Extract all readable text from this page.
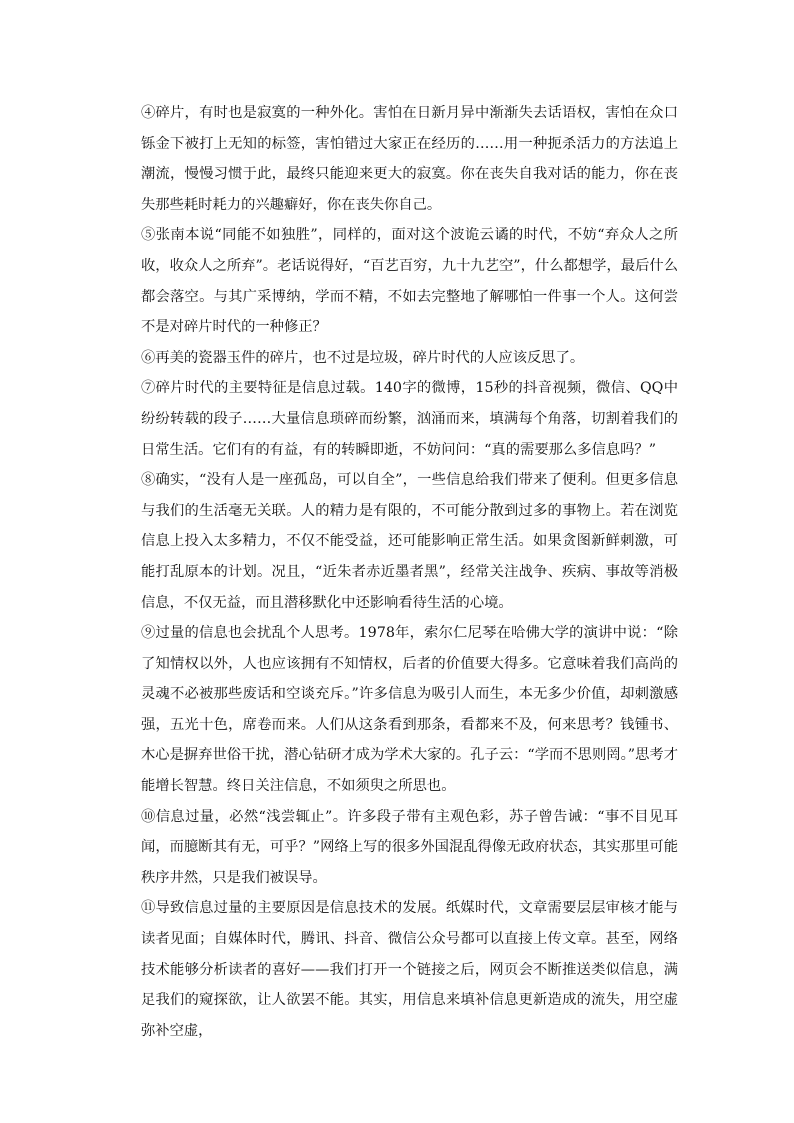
④碎片，有时也是寂寞的一种外化。害怕在日新月异中渐渐失去话语权，害怕在众口铄金下被打上无知的标签，害怕错过大家正在经历的……用一种扼杀活力的方法追上潮流，慢慢习惯于此，最终只能迎来更大的寂寞。你在丧失自我对话的能力，你在丧失那些耗时耗力的兴趣癖好，你在丧失你自己。

⑤张南本说“同能不如独胜”，同样的，面对这个波诡云谲的时代，不妨“弃众人之所收，收众人之所弃”。老话说得好，“百艺百穷，九十九艺空”，什么都想学，最后什么都会落空。与其广采博纳，学而不精，不如去完整地了解哪怕一件事一个人。这何尝不是对碎片时代的一种修正？

⑥再美的瓷器玉件的碎片，也不过是垃圾，碎片时代的人应该反思了。

⑦碎片时代的主要特征是信息过载。140字的微博，15秒的抖音视频，微信、QQ中纷纷转载的段子……大量信息琐碎而纷繁，汹涌而来，填满每个角落，切割着我们的日常生活。它们有的有益，有的转瞬即逝，不妨问问：“真的需要那么多信息吗？”

⑧确实，“没有人是一座孤岛，可以自全”，一些信息给我们带来了便利。但更多信息与我们的生活毫无关联。人的精力是有限的，不可能分散到过多的事物上。若在浏览信息上投入太多精力，不仅不能受益，还可能影响正常生活。如果贪图新鲜刺激，可能打乱原本的计划。况且，“近朱者赤近墨者黑”，经常关注战争、疾病、事故等消极信息，不仅无益，而且潜移默化中还影响看待生活的心境。

⑨过量的信息也会扰乱个人思考。1978年，索尔仁尼琴在哈佛大学的演讲中说：“除了知情权以外，人也应该拥有不知情权，后者的价值要大得多。它意味着我们高尚的灵魂不必被那些废话和空谈充斥。”许多信息为吸引人而生，本无多少价值，却刺激感强，五光十色，席卷而来。人们从这条看到那条，看都来不及，何来思考？钱锺书、木心是摒弃世俗干扰，潜心钻研才成为学术大家的。孔子云：“学而不思则罔。”思考才能增长智慧。终日关注信息，不如须臾之所思也。

⑩信息过量，必然“浅尝辄止”。许多段子带有主观色彩，苏子曾告诫：“事不目见耳闻，而臆断其有无，可乎？”网络上写的很多外国混乱得像无政府状态，其实那里可能秩序井然，只是我们被误导。

⑪导致信息过量的主要原因是信息技术的发展。纸媒时代，文章需要层层审核才能与读者见面；自媒体时代，腾讯、抖音、微信公众号都可以直接上传文章。甚至，网络技术能够分析读者的喜好——我们打开一个链接之后，网页会不断推送类似信息，满足我们的窥探欲，让人欲罢不能。其实，用信息来填补信息更新造成的流失，用空虚弥补空虚，
